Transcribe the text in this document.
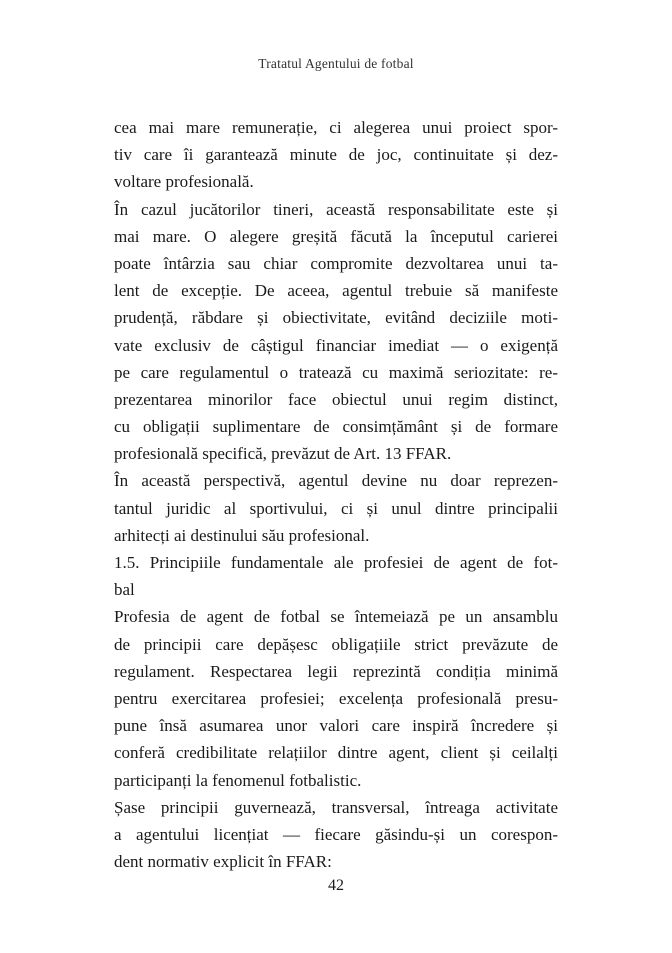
Tratatul Agentului de fotbal
cea mai mare remunerație, ci alegerea unui proiect spor-
tiv care îi garantează minute de joc, continuitate și dez-
voltare profesională.
În cazul jucătorilor tineri, această responsabilitate este și
mai mare. O alegere greșită făcută la începutul carierei
poate întârzia sau chiar compromite dezvoltarea unui ta-
lent de excepție. De aceea, agentul trebuie să manifeste
prudență, răbdare și obiectivitate, evitând deciziile moti-
vate exclusiv de câștigul financiar imediat — o exigență
pe care regulamentul o tratează cu maximă seriozitate: re-
prezentarea minorilor face obiectul unui regim distinct,
cu obligații suplimentare de consimțământ și de formare
profesională specifică, prevăzut de Art. 13 FFAR.
În această perspectivă, agentul devine nu doar reprezen-
tantul juridic al sportivului, ci și unul dintre principalii
arhitecți ai destinului său profesional.
1.5. Principiile fundamentale ale profesiei de agent de fot-
bal
Profesia de agent de fotbal se întemeiază pe un ansamblu
de principii care depășesc obligațiile strict prevăzute de
regulament. Respectarea legii reprezintă condiția minimă
pentru exercitarea profesiei; excelența profesională presu-
pune însă asumarea unor valori care inspiră încredere și
conferă credibilitate relațiilor dintre agent, client și ceilalți
participanți la fenomenul fotbalistic.
Șase principii guvernează, transversal, întreaga activitate
a agentului licențiat — fiecare găsindu-și un corespon-
dent normativ explicit în FFAR:
42
